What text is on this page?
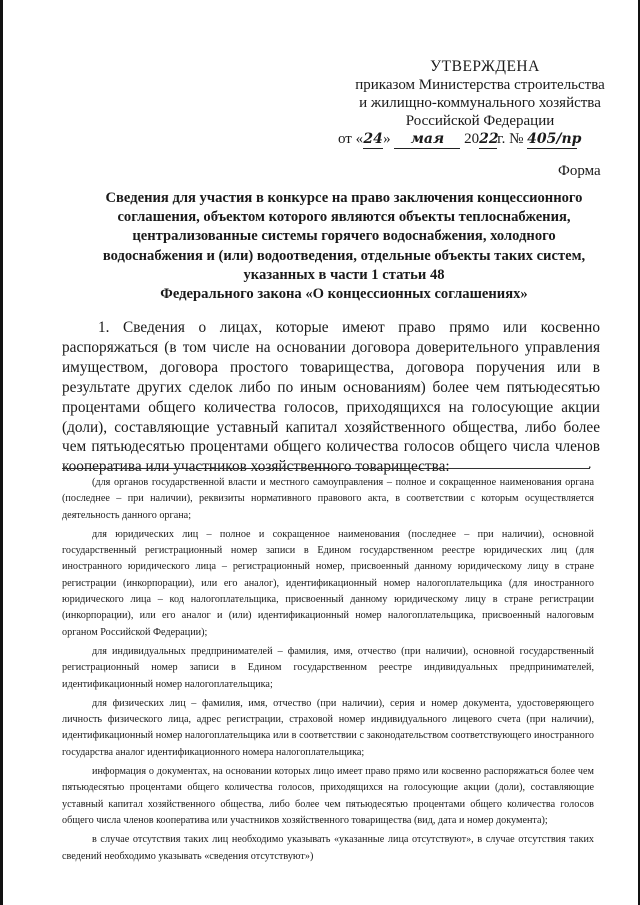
УТВЕРЖДЕНА
приказом Министерства строительства
и жилищно-коммунального хозяйства
Российской Федерации
от «24» мая 2022г. № 405/пр
Форма
Сведения для участия в конкурсе на право заключения концессионного
соглашения, объектом которого являются объекты теплоснабжения,
централизованные системы горячего водоснабжения, холодного
водоснабжения и (или) водоотведения, отдельные объекты таких систем,
указанных в части 1 статьи 48
Федерального закона «О концессионных соглашениях»
1. Сведения о лицах, которые имеют право прямо или косвенно распоряжаться (в том числе на основании договора доверительного управления имуществом, договора простого товарищества, договора поручения или в результате других сделок либо по иным основаниям) более чем пятьюдесятью процентами общего количества голосов, приходящихся на голосующие акции (доли), составляющие уставный капитал хозяйственного общества, либо более чем пятьюдесятью процентами общего количества голосов общего числа членов кооператива или участников хозяйственного товарищества:	.

(для органов государственной власти и местного самоуправления – полное и сокращенное наименования органа (последнее – при наличии), реквизиты нормативного правового акта, в соответствии с которым осуществляется деятельность данного органа;

для юридических лиц – полное и сокращенное наименования (последнее – при наличии), основной государственный регистрационный номер записи в Едином государственном реестре юридических лиц (для иностранного юридического лица – регистрационный номер, присвоенный данному юридическому лицу в стране регистрации (инкорпорации), или его аналог), идентификационный номер налогоплательщика (для иностранного юридического лица – код налогоплательщика, присвоенный данному юридическому лицу в стране регистрации (инкорпорации), или его аналог и (или) идентификационный номер налогоплательщика, присвоенный налоговым органом Российской Федерации);

для индивидуальных предпринимателей – фамилия, имя, отчество (при наличии), основной государственный регистрационный номер записи в Едином государственном реестре индивидуальных предпринимателей, идентификационный номер налогоплательщика;

для физических лиц – фамилия, имя, отчество (при наличии), серия и номер документа, удостоверяющего личность физического лица, адрес регистрации, страховой номер индивидуального лицевого счета (при наличии), идентификационный номер налогоплательщика или в соответствии с законодательством соответствующего иностранного государства аналог идентификационного номера налогоплательщика;

информация о документах, на основании которых лицо имеет право прямо или косвенно распоряжаться более чем пятьюдесятью процентами общего количества голосов, приходящихся на голосующие акции (доли), составляющие уставный капитал хозяйственного общества, либо более чем пятьюдесятью процентами общего количества голосов общего числа членов кооператива или участников хозяйственного товарищества (вид, дата и номер документа);

в случае отсутствия таких лиц необходимо указывать «указанные лица отсутствуют», в случае отсутствия таких сведений необходимо указывать «сведения отсутствуют»)
